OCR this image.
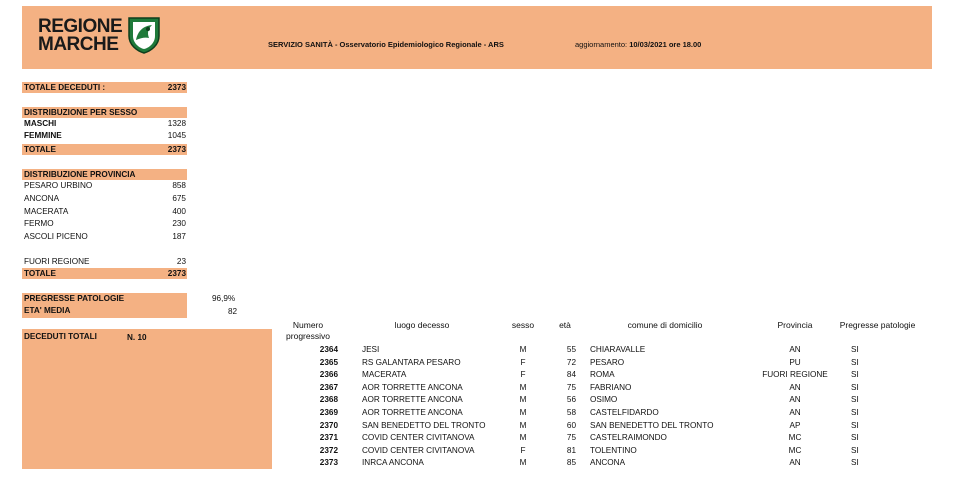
REGIONE
MARCHE	SERVIZIO SANITÀ - Osservatorio Epidemiologico Regionale - ARS	aggiornamento: 10/03/2021 ore 18.00
TOTALE DECEDUTI :	2373
DISTRIBUZIONE PER SESSO
MASCHI	1328
FEMMINE	1045
TOTALE	2373
DISTRIBUZIONE PROVINCIA
PESARO URBINO	858
ANCONA	675
MACERATA	400
FERMO	230
ASCOLI PICENO	187
FUORI REGIONE	23
TOTALE	2373
PREGRESSE PATOLOGIE
ETA' MEDIA
96,9%
82
DECEDUTI TOTALI	N. 10
Numero
progressivo
luogo decesso	sesso	età	comune di domicilio	Provincia	Pregresse patologie
2364	JESI	M	55 CHIARAVALLE	AN	SI
2365	RS GALANTARA PESARO	F	72 PESARO	PU	SI
2366	MACERATA	F	84 ROMA	FUORI REGIONE	SI
2367	AOR TORRETTE ANCONA	M	75 FABRIANO	AN	SI
2368	AOR TORRETTE ANCONA	M	56 OSIMO	AN	SI
2369	AOR TORRETTE ANCONA	M	58 CASTELFIDARDO	AN	SI
2370	SAN BENEDETTO DEL TRONTO	M	60 SAN BENEDETTO DEL TRONTO	AP	SI
2371	COVID CENTER CIVITANOVA	M	75 CASTELRAIMONDO	MC	SI
2372	COVID CENTER CIVITANOVA	F	81 TOLENTINO	MC	SI
2373	INRCA ANCONA	M	85 ANCONA	AN	SI
